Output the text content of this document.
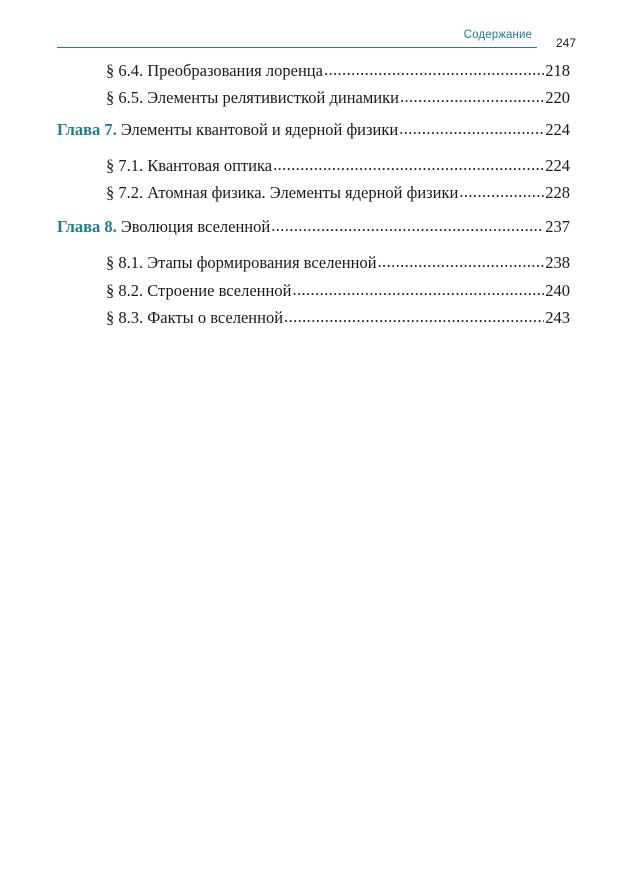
Содержание
247
§ 6.4. Преобразования лоренца .....	218
§ 6.5. Элементы релятивисткой динамики .....	220
Глава 7. Элементы квантовой и ядерной физики .....	224
§ 7.1. Квантовая оптика .....	224
§ 7.2. Атомная физика. Элементы ядерной физики .....	228
Глава 8. Эволюция вселенной .....	237
§ 8.1. Этапы формирования вселенной .....	238
§ 8.2. Строение вселенной .....	240
§ 8.3. Факты о вселенной .....	243
